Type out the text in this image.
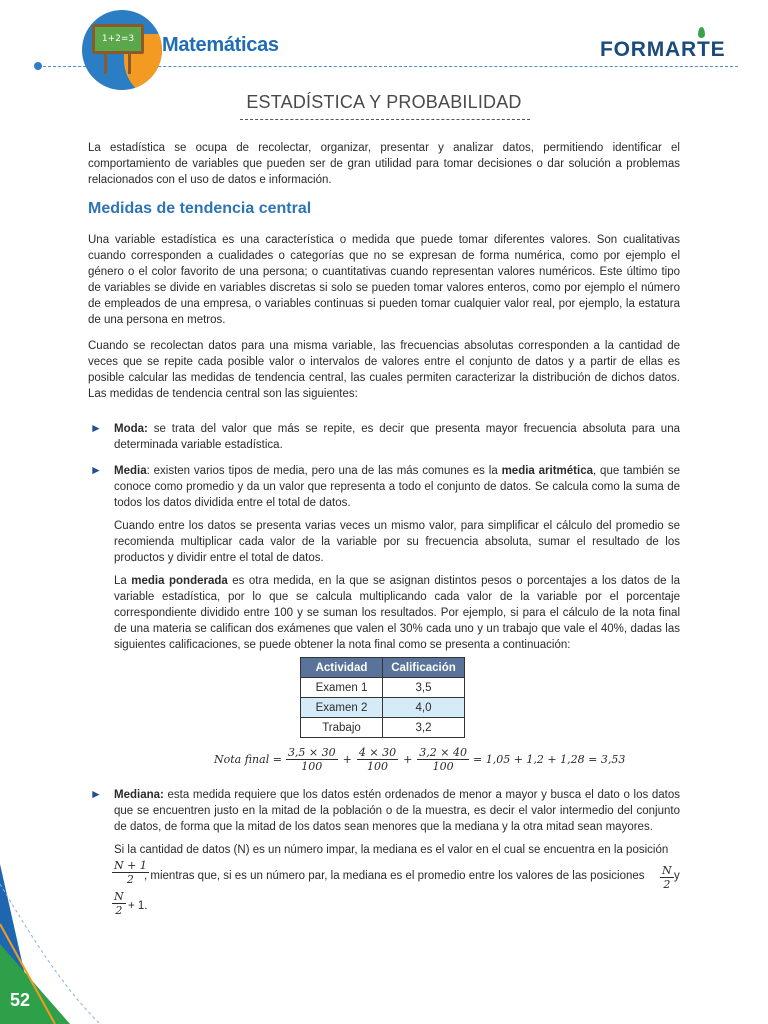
1+2=3	Matemáticas	FORMARTE
ESTADÍSTICA Y PROBABILIDAD

La estadística se ocupa de recolectar, organizar, presentar y analizar datos, permitiendo identificar el comportamiento de variables que pueden ser de gran utilidad para tomar decisiones o dar solución a problemas relacionados con el uso de datos e información.

Medidas de tendencia central

Una variable estadística es una característica o medida que puede tomar diferentes valores. Son cualitativas cuando corresponden a cualidades o categorías que no se expresan de forma numérica, como por ejemplo el género o el color favorito de una persona; o cuantitativas cuando representan valores numéricos. Este último tipo de variables se divide en variables discretas si solo se pueden tomar valores enteros, como por ejemplo el número de empleados de una empresa, o variables continuas si pueden tomar cualquier valor real, por ejemplo, la estatura de una persona en metros.

Cuando se recolectan datos para una misma variable, las frecuencias absolutas corresponden a la cantidad de veces que se repite cada posible valor o intervalos de valores entre el conjunto de datos y a partir de ellas es posible calcular las medidas de tendencia central, las cuales permiten caracterizar la distribución de dichos datos. Las medidas de tendencia central son las siguientes:

► Moda: se trata del valor que más se repite, es decir que presenta mayor frecuencia absoluta para una determinada variable estadística.

► Media: existen varios tipos de media, pero una de las más comunes es la media aritmética, que también se conoce como promedio y da un valor que representa a todo el conjunto de datos. Se calcula como la suma de todos los datos dividida entre el total de datos.

Cuando entre los datos se presenta varias veces un mismo valor, para simplificar el cálculo del promedio se recomienda multiplicar cada valor de la variable por su frecuencia absoluta, sumar el resultado de los productos y dividir entre el total de datos.

La media ponderada es otra medida, en la que se asignan distintos pesos o porcentajes a los datos de la variable estadística, por lo que se calcula multiplicando cada valor de la variable por el porcentaje correspondiente dividido entre 100 y se suman los resultados. Por ejemplo, si para el cálculo de la nota final de una materia se califican dos exámenes que valen el 30% cada uno y un trabajo que vale el 40%, dadas las siguientes calificaciones, se puede obtener la nota final como se presenta a continuación:

Actividad	Calificación
Examen 1	3,5
Examen 2	4,0
Trabajo	3,2
Nota final = $\frac{3,5 \times 30}{100} + \frac{4 \times 30}{100} + \frac{3,2 \times 40}{100} = 1,05 + 1,2 + 1,28 = 3,53$
► Mediana: esta medida requiere que los datos estén ordenados de menor a mayor y busca el dato o los datos que se encuentren justo en la mitad de la población o de la muestra, es decir el valor intermedio del conjunto de datos, de forma que la mitad de los datos sean menores que la mediana y la otra mitad sean mayores.

Si la cantidad de datos (N) es un número impar, la mediana es el valor en el cual se encuentra en la posición

$\frac{N + 1}{2}$
, mientras que, si es un número par, la mediana es el promedio entre los valores de las posiciones	$\frac{N}{2}$ y
$\frac{N}{2} + 1$.
52
